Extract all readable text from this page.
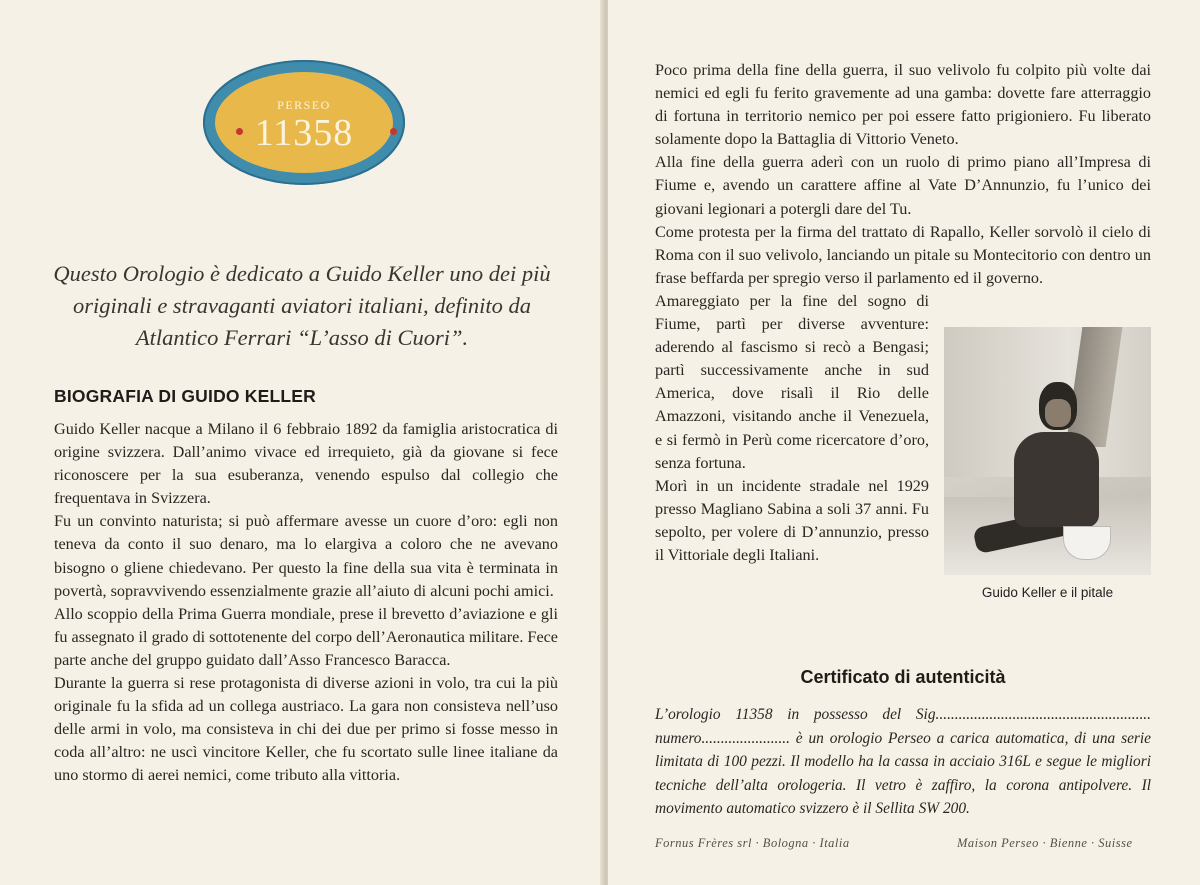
PERSEO
11358
Questo Orologio è dedicato a Guido Keller uno dei più originali e stravaganti aviatori italiani, definito da Atlantico Ferrari “L’asso di Cuori”.
BIOGRAFIA DI GUIDO KELLER

Guido Keller nacque a Milano il 6 febbraio 1892 da famiglia aristocratica di origine svizzera. Dall’animo vivace ed irrequieto, già da giovane si fece riconoscere per la sua esuberanza, venendo espulso dal collegio che frequentava in Svizzera.

Fu un convinto naturista; si può affermare avesse un cuore d’oro: egli non teneva da conto il suo denaro, ma lo elargiva a coloro che ne avevano bisogno o gliene chiedevano. Per questo la fine della sua vita è terminata in povertà, sopravvivendo essenzialmente grazie all’aiuto di alcuni pochi amici.

Allo scoppio della Prima Guerra mondiale, prese il brevetto d’aviazione e gli fu assegnato il grado di sottotenente del corpo dell’Aeronautica militare. Fece parte anche del gruppo guidato dall’Asso Francesco Baracca.

Durante la guerra si rese protagonista di diverse azioni in volo, tra cui la più originale fu la sfida ad un collega austriaco. La gara non consisteva nell’uso delle armi in volo, ma consisteva in chi dei due per primo si fosse messo in coda all’altro: ne uscì vincitore Keller, che fu scortato sulle linee italiane da uno stormo di aerei nemici, come tributo alla vittoria.

Poco prima della fine della guerra, il suo velivolo fu colpito più volte dai nemici ed egli fu ferito gravemente ad una gamba: dovette fare atterraggio di fortuna in territorio nemico per poi essere fatto prigioniero. Fu liberato solamente dopo la Battaglia di Vittorio Veneto.

Alla fine della guerra aderì con un ruolo di primo piano all’Impresa di Fiume e, avendo un carattere affine al Vate D’Annunzio, fu l’unico dei giovani legionari a potergli dare del Tu.

Come protesta per la firma del trattato di Rapallo, Keller sorvolò il cielo di Roma con il suo velivolo, lanciando un pitale su Montecitorio con dentro un frase beffarda per spregio verso il parlamento ed il governo.

Amareggiato per la fine del sogno di Fiume, partì per diverse avventure: aderendo al fascismo si recò a Bengasi; partì successivamente anche in sud America, dove risalì il Rio delle Amazzoni, visitando anche il Venezuela, e si fermò in Perù come ricercatore d’oro, senza fortuna.

Morì in un incidente stradale nel 1929 presso Magliano Sabina a soli 37 anni. Fu sepolto, per volere di D’annunzio, presso il Vittoriale degli Italiani.

Guido Keller e il pitale
Certificato di autenticità
L’orologio 11358 in possesso del Sig........................................................ numero....................... è un orologio Perseo a carica automatica, di una serie limitata di 100 pezzi. Il modello ha la cassa in acciaio 316L e segue le migliori tecniche dell’alta orologeria. Il vetro è zaffiro, la corona antipolvere. Il movimento automatico svizzero è il Sellita SW 200.
Fornus Frères srl · Bologna · Italia	Maison Perseo · Bienne · Suisse
